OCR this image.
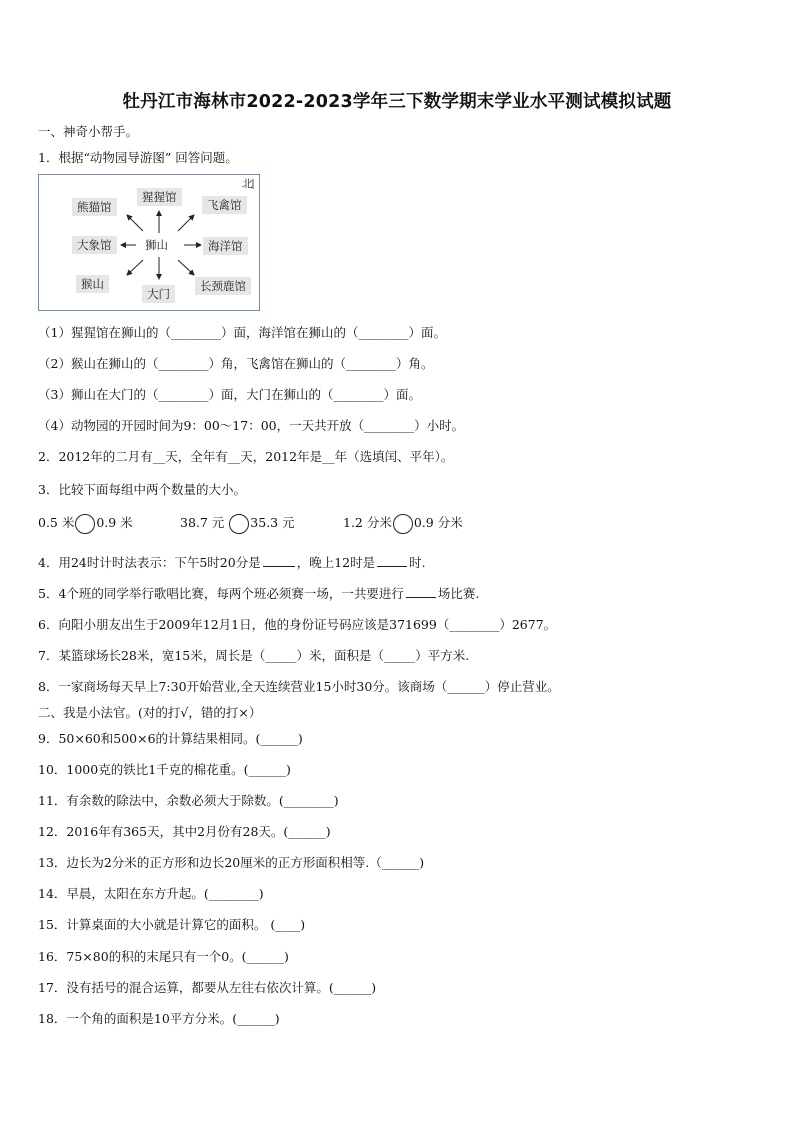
牡丹江市海林市2022-2023学年三下数学期末学业水平测试模拟试题
一、神奇小帮手。
1．根据“动物园导游图” 回答问题。
北
猩猩馆
熊猫馆	飞禽馆
大象馆	狮山	海洋馆
猴山
大门
长颈鹿馆
（1）猩猩馆在狮山的（________）面，海洋馆在狮山的（________）面。
（2）猴山在狮山的（________）角，飞禽馆在狮山的（________）角。
（3）狮山在大门的（________）面，大门在狮山的（________）面。
（4）动物园的开园时间为9：00～17：00，一天共开放（________）小时。
2．2012年的二月有__天，全年有__天，2012年是__年（选填闰、平年）。
3．比较下面每组中两个数量的大小。
0.5 米 0.9 米	38.7 元 35.3 元	1.2 分米 0.9 分米
4．用24时计时法表示：下午5时20分是	，晚上12时是	时.
5．4个班的同学举行歌唱比赛，每两个班必须赛一场，一共要进行	场比赛.
6．向阳小朋友出生于2009年12月1日，他的身份证号码应该是371699（________）2677。
7．某篮球场长28米，宽15米，周长是（_____）米，面积是（_____）平方米.
8．一家商场每天早上7:30开始营业,全天连续营业15小时30分。该商场（______）停止营业。
二、我是小法官。(对的打√，错的打×）
9．50×60和500×6的计算结果相同。(______)
10．1000克的铁比1千克的棉花重。(______)
11．有余数的除法中，余数必须大于除数。(________)
12．2016年有365天，其中2月份有28天。(______)
13．边长为2分米的正方形和边长20厘米的正方形面积相等.（______)
14．早晨，太阳在东方升起。(________)
15．计算桌面的大小就是计算它的面积。 (____)
16．75×80的积的末尾只有一个0。(______)
17．没有括号的混合运算，都要从左往右依次计算。(______)
18．一个角的面积是10平方分米。(______)
